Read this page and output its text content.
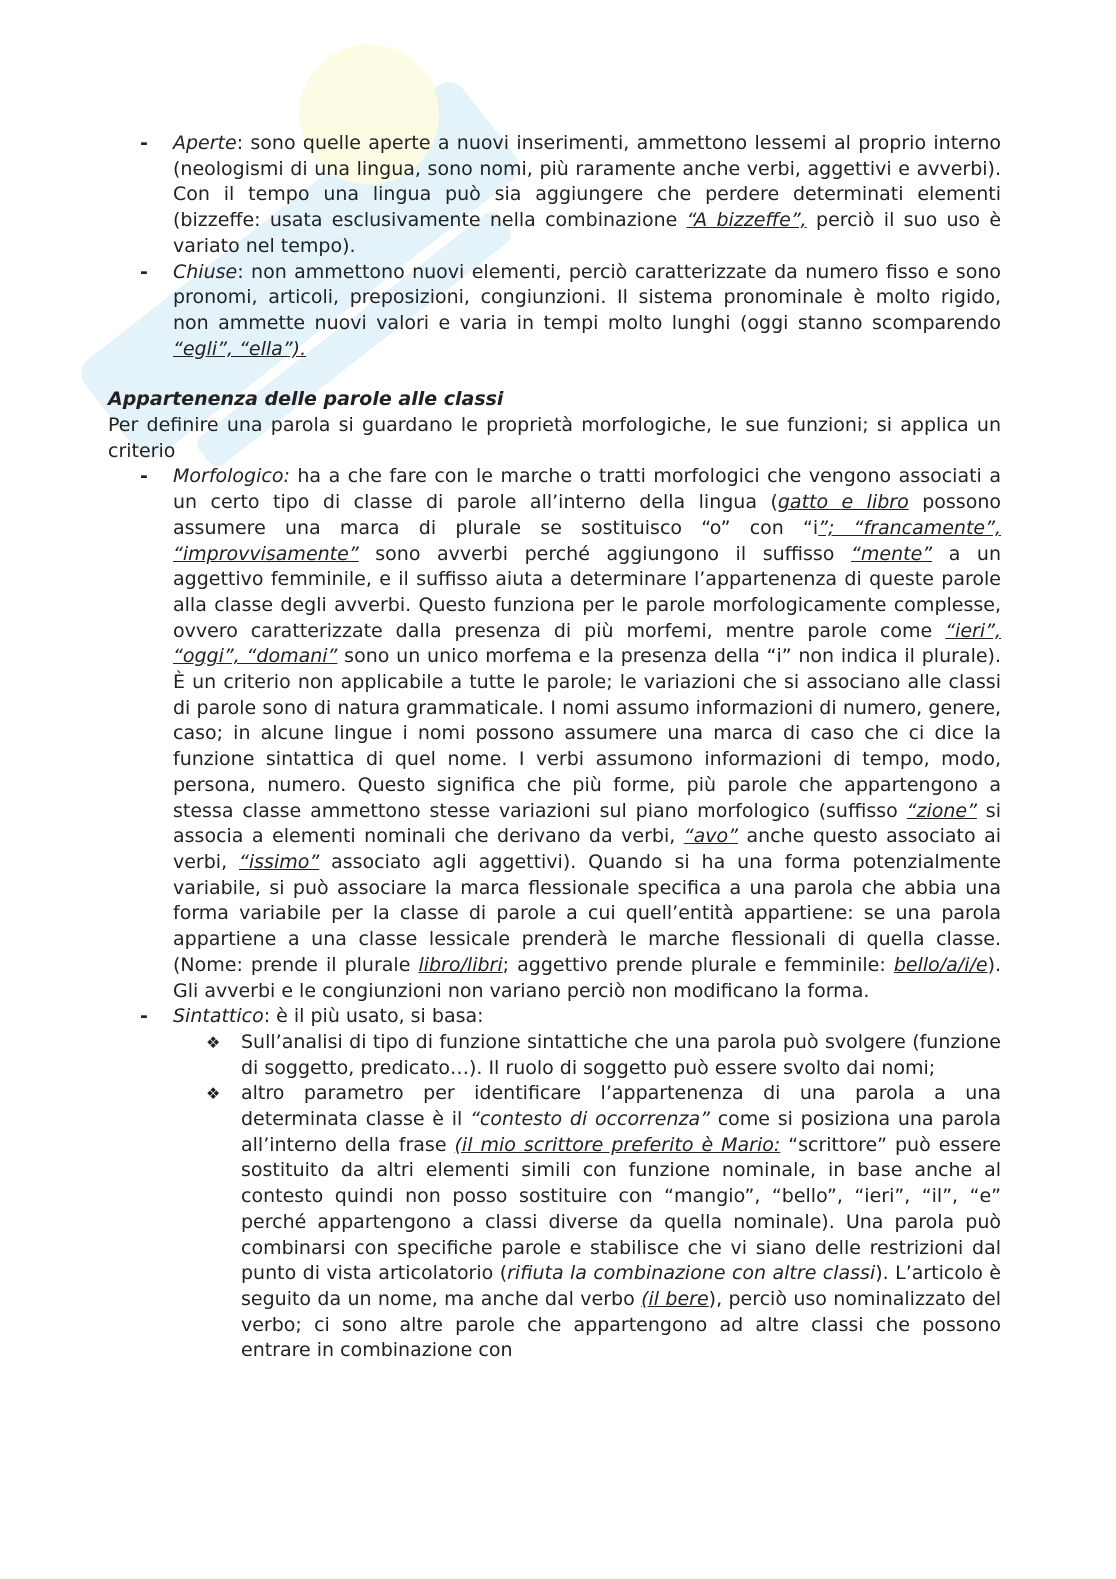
- Aperte: sono quelle aperte a nuovi inserimenti, ammettono lessemi al proprio interno (neologismi di una lingua, sono nomi, più raramente anche verbi, aggettivi e avverbi). Con il tempo una lingua può sia aggiungere che perdere determinati elementi (bizzeffe: usata esclusivamente nella combinazione “A bizzeffe”, perciò il suo uso è variato nel tempo).

- Chiuse: non ammettono nuovi elementi, perciò caratterizzate da numero fisso e sono pronomi, articoli, preposizioni, congiunzioni. Il sistema pronominale è molto rigido, non ammette nuovi valori e varia in tempi molto lunghi (oggi stanno scomparendo “egli”, “ella”).

Appartenenza delle parole alle classi

Per definire una parola si guardano le proprietà morfologiche, le sue funzioni; si applica un criterio

- Morfologico: ha a che fare con le marche o tratti morfologici che vengono associati a un certo tipo di classe di parole all’interno della lingua (gatto e libro possono assumere una marca di plurale se sostituisco “o” con “i”; “francamente”, “improvvisamente” sono avverbi perché aggiungono il suffisso “mente” a un aggettivo femminile, e il suffisso aiuta a determinare l’appartenenza di queste parole alla classe degli avverbi. Questo funziona per le parole morfologicamente complesse, ovvero caratterizzate dalla presenza di più morfemi, mentre parole come “ieri”, “oggi”, “domani” sono un unico morfema e la presenza della “i” non indica il plurale). È un criterio non applicabile a tutte le parole; le variazioni che si associano alle classi di parole sono di natura grammaticale. I nomi assumo informazioni di numero, genere, caso; in alcune lingue i nomi possono assumere una marca di caso che ci dice la funzione sintattica di quel nome. I verbi assumono informazioni di tempo, modo, persona, numero. Questo significa che più forme, più parole che appartengono a stessa classe ammettono stesse variazioni sul piano morfologico (suffisso “zione” si associa a elementi nominali che derivano da verbi, “avo” anche questo associato ai verbi, “issimo” associato agli aggettivi). Quando si ha una forma potenzialmente variabile, si può associare la marca flessionale specifica a una parola che abbia una forma variabile per la classe di parole a cui quell’entità appartiene: se una parola appartiene a una classe lessicale prenderà le marche flessionali di quella classe. (Nome: prende il plurale libro/libri; aggettivo prende plurale e femminile: bello/a/i/e). Gli avverbi e le congiunzioni non variano perciò non modificano la forma.

- Sintattico: è il più usato, si basa:

❖ Sull’analisi di tipo di funzione sintattiche che una parola può svolgere (funzione di soggetto, predicato…). Il ruolo di soggetto può essere svolto dai nomi;

❖ altro parametro per identificare l’appartenenza di una parola a una determinata classe è il “contesto di occorrenza” come si posiziona una parola all’interno della frase (il mio scrittore preferito è Mario: “scrittore” può essere sostituito da altri elementi simili con funzione nominale, in base anche al contesto quindi non posso sostituire con “mangio”, “bello”, “ieri”, “il”, “e” perché appartengono a classi diverse da quella nominale). Una parola può combinarsi con specifiche parole e stabilisce che vi siano delle restrizioni dal punto di vista articolatorio (rifiuta la combinazione con altre classi). L’articolo è seguito da un nome, ma anche dal verbo (il bere), perciò uso nominalizzato del verbo; ci sono altre parole che appartengono ad altre classi che possono entrare in combinazione con
